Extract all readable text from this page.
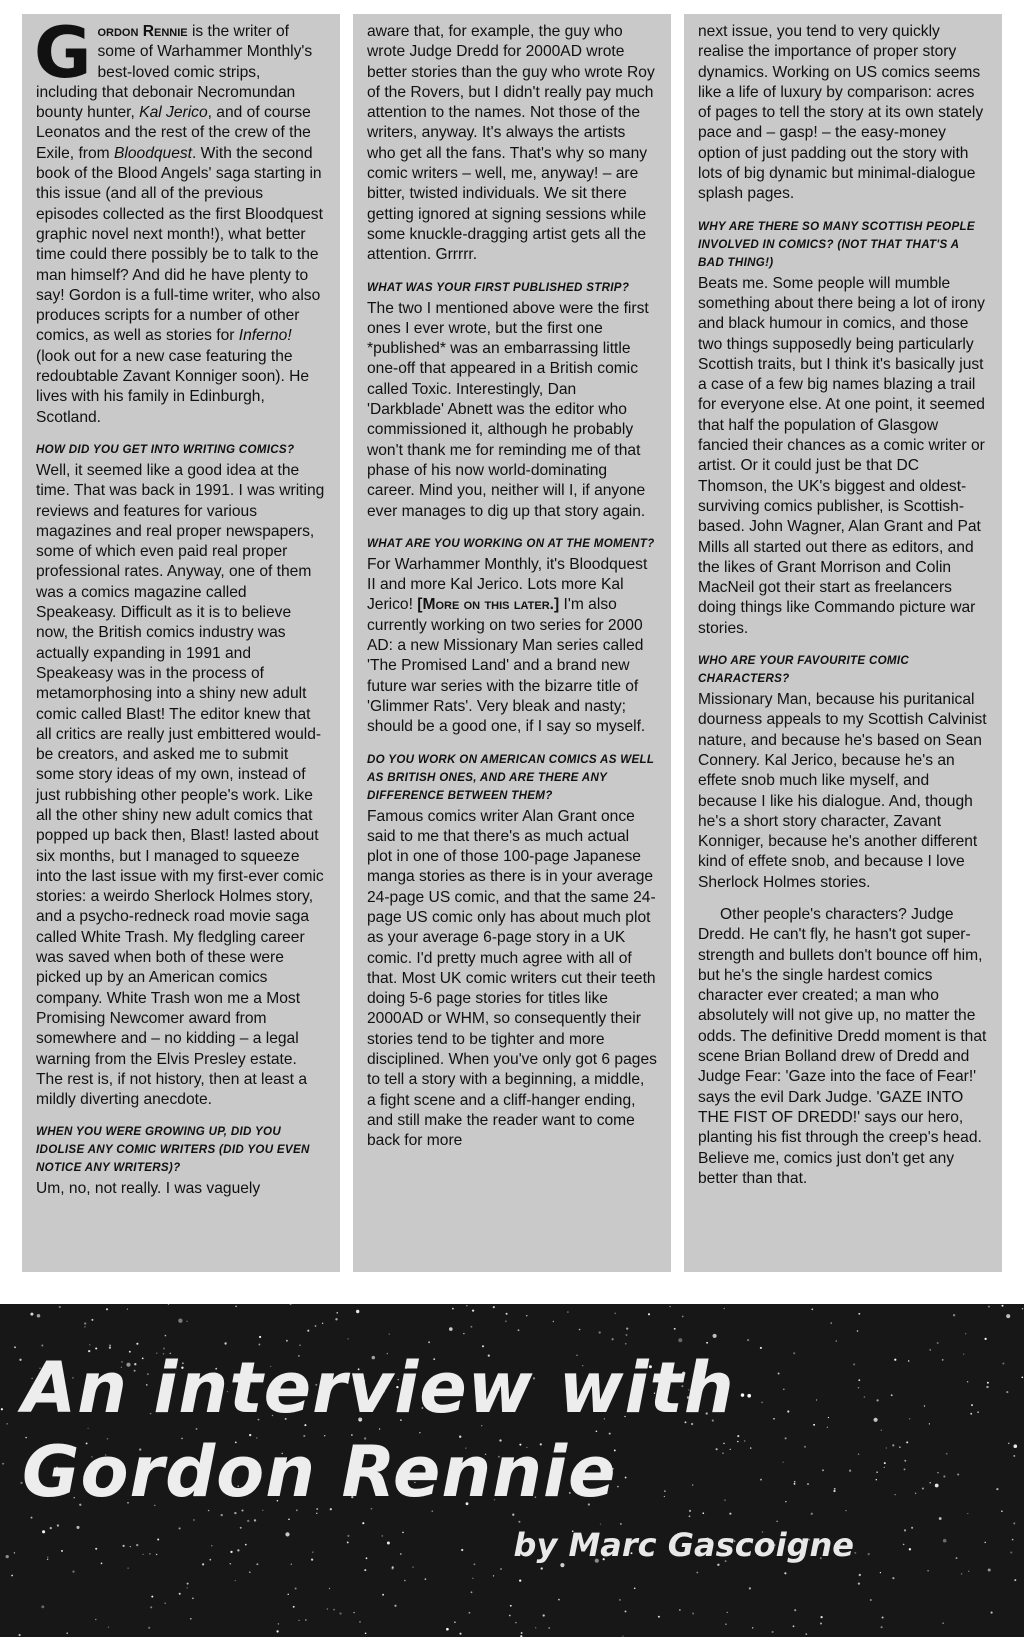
Gordon Rennie is the writer of some of Warhammer Monthly's best-loved comic strips, including that debonair Necromundan bounty hunter, Kal Jerico, and of course Leonatos and the rest of the crew of the Exile, from Bloodquest. With the second book of the Blood Angels' saga starting in this issue (and all of the previous episodes collected as the first Bloodquest graphic novel next month!), what better time could there possibly be to talk to the man himself? And did he have plenty to say! Gordon is a full-time writer, who also produces scripts for a number of other comics, as well as stories for Inferno! (look out for a new case featuring the redoubtable Zavant Konniger soon). He lives with his family in Edinburgh, Scotland.

HOW DID YOU GET INTO WRITING COMICS?

Well, it seemed like a good idea at the time. That was back in 1991. I was writing reviews and features for various magazines and real proper newspapers, some of which even paid real proper professional rates. Anyway, one of them was a comics magazine called Speakeasy. Difficult as it is to believe now, the British comics industry was actually expanding in 1991 and Speakeasy was in the process of metamorphosing into a shiny new adult comic called Blast! The editor knew that all critics are really just embittered would-be creators, and asked me to submit some story ideas of my own, instead of just rubbishing other people's work. Like all the other shiny new adult comics that popped up back then, Blast! lasted about six months, but I managed to squeeze into the last issue with my first-ever comic stories: a weirdo Sherlock Holmes story, and a psycho-redneck road movie saga called White Trash. My fledgling career was saved when both of these were picked up by an American comics company. White Trash won me a Most Promising Newcomer award from somewhere and – no kidding – a legal warning from the Elvis Presley estate. The rest is, if not history, then at least a mildly diverting anecdote.

WHEN YOU WERE GROWING UP, DID YOU IDOLISE ANY COMIC WRITERS (DID YOU EVEN NOTICE ANY WRITERS)?

Um, no, not really. I was vaguely

aware that, for example, the guy who wrote Judge Dredd for 2000AD wrote better stories than the guy who wrote Roy of the Rovers, but I didn't really pay much attention to the names. Not those of the writers, anyway. It's always the artists who get all the fans. That's why so many comic writers – well, me, anyway! – are bitter, twisted individuals. We sit there getting ignored at signing sessions while some knuckle-dragging artist gets all the attention. Grrrrr.

WHAT WAS YOUR FIRST PUBLISHED STRIP?

The two I mentioned above were the first ones I ever wrote, but the first one *published* was an embarrassing little one-off that appeared in a British comic called Toxic. Interestingly, Dan 'Darkblade' Abnett was the editor who commissioned it, although he probably won't thank me for reminding me of that phase of his now world-dominating career. Mind you, neither will I, if anyone ever manages to dig up that story again.

WHAT ARE YOU WORKING ON AT THE MOMENT?

For Warhammer Monthly, it's Bloodquest II and more Kal Jerico. Lots more Kal Jerico! [More on this later.] I'm also currently working on two series for 2000 AD: a new Missionary Man series called 'The Promised Land' and a brand new future war series with the bizarre title of 'Glimmer Rats'. Very bleak and nasty; should be a good one, if I say so myself.

DO YOU WORK ON AMERICAN COMICS AS WELL AS BRITISH ONES, AND ARE THERE ANY DIFFERENCE BETWEEN THEM?

Famous comics writer Alan Grant once said to me that there's as much actual plot in one of those 100-page Japanese manga stories as there is in your average 24-page US comic, and that the same 24-page US comic only has about much plot as your average 6-page story in a UK comic. I'd pretty much agree with all of that. Most UK comic writers cut their teeth doing 5-6 page stories for titles like 2000AD or WHM, so consequently their stories tend to be tighter and more disciplined. When you've only got 6 pages to tell a story with a beginning, a middle, a fight scene and a cliff-hanger ending, and still make the reader want to come back for more

next issue, you tend to very quickly realise the importance of proper story dynamics. Working on US comics seems like a life of luxury by comparison: acres of pages to tell the story at its own stately pace and – gasp! – the easy-money option of just padding out the story with lots of big dynamic but minimal-dialogue splash pages.

WHY ARE THERE SO MANY SCOTTISH PEOPLE INVOLVED IN COMICS? (NOT THAT THAT'S A BAD THING!)

Beats me. Some people will mumble something about there being a lot of irony and black humour in comics, and those two things supposedly being particularly Scottish traits, but I think it's basically just a case of a few big names blazing a trail for everyone else. At one point, it seemed that half the population of Glasgow fancied their chances as a comic writer or artist. Or it could just be that DC Thomson, the UK's biggest and oldest-surviving comics publisher, is Scottish-based. John Wagner, Alan Grant and Pat Mills all started out there as editors, and the likes of Grant Morrison and Colin MacNeil got their start as freelancers doing things like Commando picture war stories.

WHO ARE YOUR FAVOURITE COMIC CHARACTERS?

Missionary Man, because his puritanical dourness appeals to my Scottish Calvinist nature, and because he's based on Sean Connery. Kal Jerico, because he's an effete snob much like myself, and because I like his dialogue. And, though he's a short story character, Zavant Konniger, because he's another different kind of effete snob, and because I love Sherlock Holmes stories.

Other people's characters? Judge Dredd. He can't fly, he hasn't got super-strength and bullets don't bounce off him, but he's the single hardest comics character ever created; a man who absolutely will not give up, no matter the odds. The definitive Dredd moment is that scene Brian Bolland drew of Dredd and Judge Fear: 'Gaze into the face of Fear!' says the evil Dark Judge. 'GAZE INTO THE FIST OF DREDD!' says our hero, planting his fist through the creep's head. Believe me, comics just don't get any better than that.

An interview with
Gordon Rennie

by Marc Gascoigne
